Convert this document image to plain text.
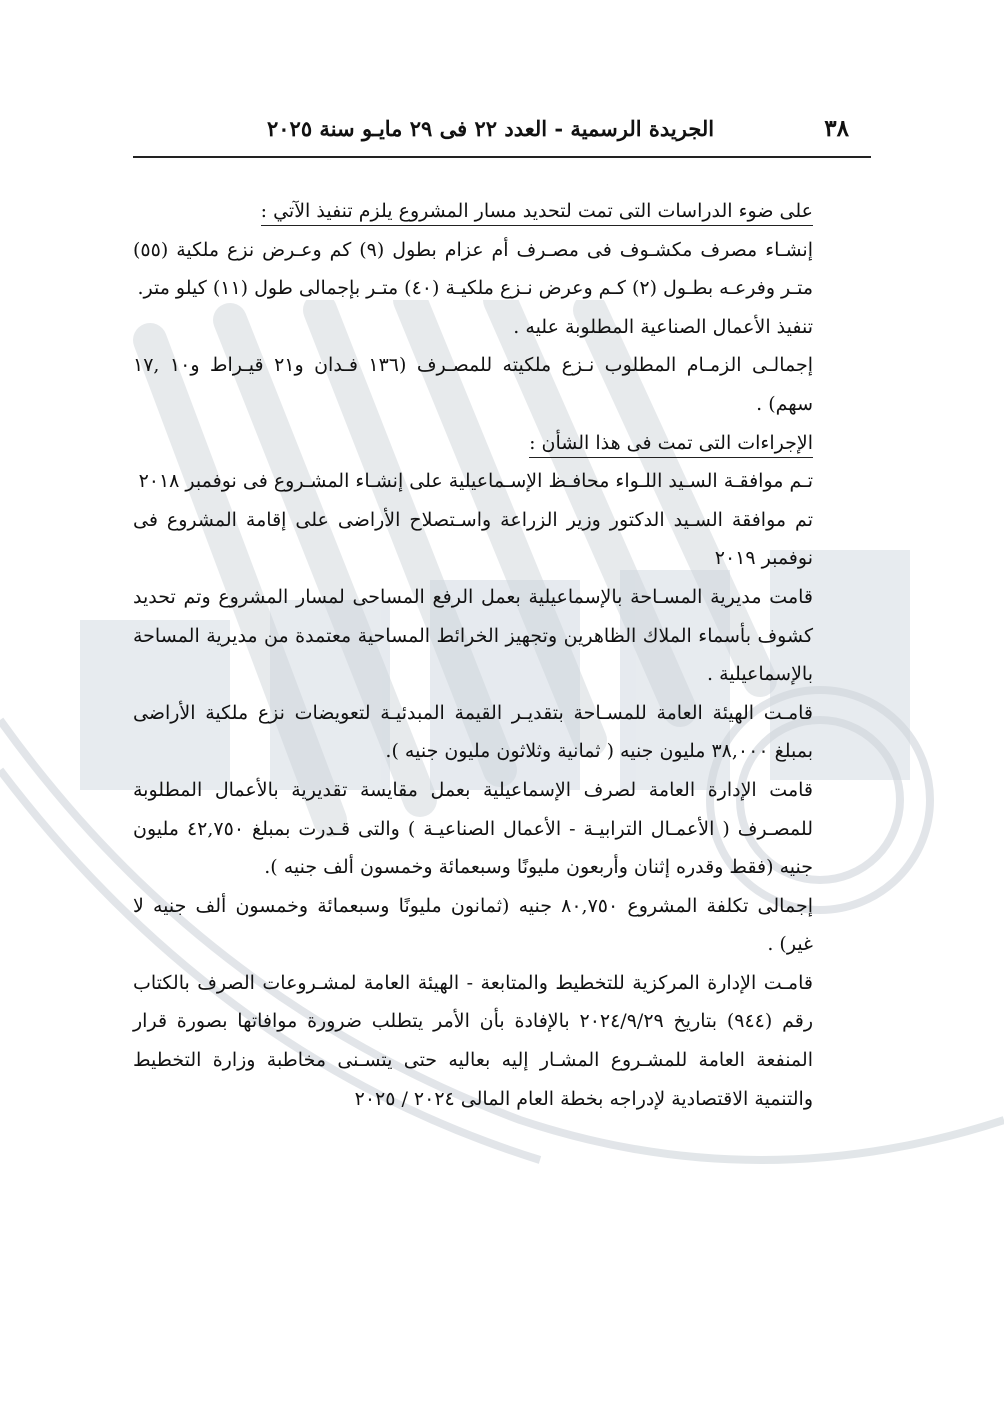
٣٨
الجريدة الرسمية - العدد ٢٢ فى ٢٩ مايـو سنة ٢٠٢٥

على ضوء الدراسات التى تمت لتحديد مسار المشروع يلزم تنفيذ الآتي :

إنشـاء مصرف مكشـوف فى مصـرف أم عزام بطول (٩) كم وعـرض نزع ملكية (٥٥) متـر وفرعـه بطـول (٢) كـم وعرض نـزع ملكيـة (٤٠) متـر بإجمالى طول (١١) كيلو متر.

تنفيذ الأعمال الصناعية المطلوبة عليه .

إجمالـى الزمـام المطلوب نـزع ملكيته للمصـرف (١٣٦ فـدان و٢١ قيـراط و١٠ ,١٧ سهم) .

الإجراءات التى تمت فى هذا الشأن :

تـم موافقـة السـيد اللـواء محافـظ الإسـماعيلية على إنشـاء المشـروع فى نوفمبر ٢٠١٨

تم موافقة السـيد الدكتور وزير الزراعة واسـتصلاح الأراضى على إقامة المشروع فى نوفمبر ٢٠١٩

قامت مديرية المسـاحة بالإسماعيلية بعمل الرفع المساحى لمسار المشروع وتم تحديد كشوف بأسماء الملاك الظاهرين وتجهيز الخرائط المساحية معتمدة من مديرية المساحة بالإسماعيلية .

قامـت الهيئة العامة للمسـاحة بتقديـر القيمة المبدئيـة لتعويضات نزع ملكية الأراضى بمبلغ ٣٨,٠٠٠ مليون جنيه ( ثمانية وثلاثون مليون جنيه ).

قامت الإدارة العامة لصرف الإسماعيلية بعمل مقايسة تقديرية بالأعمال المطلوبة للمصـرف ( الأعمـال الترابيـة - الأعمال الصناعيـة ) والتى قـدرت بمبلغ ٤٢,٧٥٠ مليون جنيه (فقط وقدره إثنان وأربعون مليونًا وسبعمائة وخمسون ألف جنيه ).

إجمالى تكلفة المشروع ٨٠,٧٥٠ جنيه (ثمانون مليونًا وسبعمائة وخمسون ألف جنيه لا غير) .

قامـت الإدارة المركزية للتخطيط والمتابعة - الهيئة العامة لمشـروعات الصرف بالكتاب رقم (٩٤٤) بتاريخ ٢٠٢٤/٩/٢٩ بالإفادة بأن الأمر يتطلب ضرورة موافاتها بصورة قرار المنفعة العامة للمشـروع المشـار إليه بعاليه حتى يتسـنى مخاطبة وزارة التخطيط والتنمية الاقتصادية لإدراجه بخطة العام المالى ٢٠٢٤ / ٢٠٢٥
